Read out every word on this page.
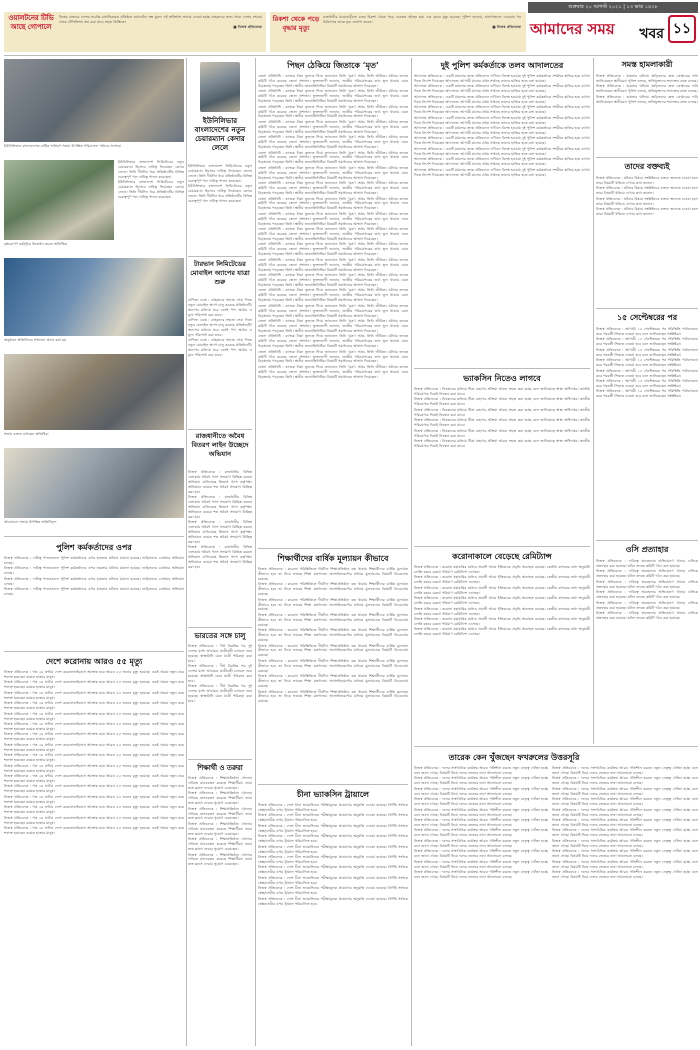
শুক্রবার ২০ আগস্ট ২০২১ | ১৩ ভাদ্র ১৪২৮
আমাদের সময়	খবর ১১
ওয়ালটনের টিভি আছে গোপালে

বিশ্বের বাজারে দেশের সর্বোচ্চ রপ্তানিকারক প্রতিষ্ঠান ওয়ালটন। স্বল্প মূল্যে এই অবিশ্বাস্য অফার দেওয়া হচ্ছে গ্রাহকদের জন্য। সারা দেশের শোরুম থেকে টেলিভিশন ক্রয় করা যাবে সহজ কিস্তিতে।

■ নিজস্ব প্রতিবেদক

রিকশা থেকে পড়ে বৃদ্ধার মৃত্যু

রাজধানীর যাত্রাবাড়ীতে চলন্ত রিকশা থেকে পড়ে গুরুতর আহত হয়ে এক বৃদ্ধার মৃত্যু হয়েছে। পুলিশ জানায়, হাসপাতালে নেওয়ার পর চিকিৎসক তাকে মৃত ঘোষণা করেন।

■ নিজস্ব প্রতিবেদক

ইউনিলিভার বাংলাদেশের বার্ষিক সাধারণ সভায় উপস্থিত পরিচালনা পর্ষদের সদস্যরা

বৃক্ষরোপণ কর্মসূচির উদ্বোধন করেন অতিথিরা

অনুষ্ঠানে অতিথিদের সম্মাননা প্রদান করা হয়

সভায় বক্তব্য রাখছেন অতিথিরা

আলোচনা সভায় উপস্থিত অতিথিবৃন্দ

পুলিশ কর্মকর্তাদের ওপর

নিজস্ব প্রতিবেদক : দায়িত্ব পালনকালে পুলিশ কর্মকর্তাদের ওপর হামলার ঘটনায় মামলা হয়েছে। জড়িতদের গ্রেপ্তারে অভিযান চলছে।

নিজস্ব প্রতিবেদক : দায়িত্ব পালনকালে পুলিশ কর্মকর্তাদের ওপর হামলার ঘটনায় মামলা হয়েছে। জড়িতদের গ্রেপ্তারে অভিযান চলছে।

নিজস্ব প্রতিবেদক : দায়িত্ব পালনকালে পুলিশ কর্মকর্তাদের ওপর হামলার ঘটনায় মামলা হয়েছে। জড়িতদের গ্রেপ্তারে অভিযান চলছে।

নিজস্ব প্রতিবেদক : দায়িত্ব পালনকালে পুলিশ কর্মকর্তাদের ওপর হামলার ঘটনায় মামলা হয়েছে। জড়িতদের গ্রেপ্তারে অভিযান চলছে।

দেশে করোনায় আরও ৫৫ মৃত্যু

নিজস্ব প্রতিবেদক : গত ২৪ ঘণ্টায় দেশে করোনাভাইরাসে আক্রান্ত হয়ে আরও ৫৫ জনের মৃত্যু হয়েছে। একই সময়ে নতুন করে শনাক্ত হয়েছেন কয়েক হাজার মানুষ।

নিজস্ব প্রতিবেদক : গত ২৪ ঘণ্টায় দেশে করোনাভাইরাসে আক্রান্ত হয়ে আরও ৫৫ জনের মৃত্যু হয়েছে। একই সময়ে নতুন করে শনাক্ত হয়েছেন কয়েক হাজার মানুষ।

নিজস্ব প্রতিবেদক : গত ২৪ ঘণ্টায় দেশে করোনাভাইরাসে আক্রান্ত হয়ে আরও ৫৫ জনের মৃত্যু হয়েছে। একই সময়ে নতুন করে শনাক্ত হয়েছেন কয়েক হাজার মানুষ।

নিজস্ব প্রতিবেদক : গত ২৪ ঘণ্টায় দেশে করোনাভাইরাসে আক্রান্ত হয়ে আরও ৫৫ জনের মৃত্যু হয়েছে। একই সময়ে নতুন করে শনাক্ত হয়েছেন কয়েক হাজার মানুষ।

নিজস্ব প্রতিবেদক : গত ২৪ ঘণ্টায় দেশে করোনাভাইরাসে আক্রান্ত হয়ে আরও ৫৫ জনের মৃত্যু হয়েছে। একই সময়ে নতুন করে শনাক্ত হয়েছেন কয়েক হাজার মানুষ।

নিজস্ব প্রতিবেদক : গত ২৪ ঘণ্টায় দেশে করোনাভাইরাসে আক্রান্ত হয়ে আরও ৫৫ জনের মৃত্যু হয়েছে। একই সময়ে নতুন করে শনাক্ত হয়েছেন কয়েক হাজার মানুষ।

নিজস্ব প্রতিবেদক : গত ২৪ ঘণ্টায় দেশে করোনাভাইরাসে আক্রান্ত হয়ে আরও ৫৫ জনের মৃত্যু হয়েছে। একই সময়ে নতুন করে শনাক্ত হয়েছেন কয়েক হাজার মানুষ।

নিজস্ব প্রতিবেদক : গত ২৪ ঘণ্টায় দেশে করোনাভাইরাসে আক্রান্ত হয়ে আরও ৫৫ জনের মৃত্যু হয়েছে। একই সময়ে নতুন করে শনাক্ত হয়েছেন কয়েক হাজার মানুষ।

নিজস্ব প্রতিবেদক : গত ২৪ ঘণ্টায় দেশে করোনাভাইরাসে আক্রান্ত হয়ে আরও ৫৫ জনের মৃত্যু হয়েছে। একই সময়ে নতুন করে শনাক্ত হয়েছেন কয়েক হাজার মানুষ।

নিজস্ব প্রতিবেদক : গত ২৪ ঘণ্টায় দেশে করোনাভাইরাসে আক্রান্ত হয়ে আরও ৫৫ জনের মৃত্যু হয়েছে। একই সময়ে নতুন করে শনাক্ত হয়েছেন কয়েক হাজার মানুষ।

নিজস্ব প্রতিবেদক : গত ২৪ ঘণ্টায় দেশে করোনাভাইরাসে আক্রান্ত হয়ে আরও ৫৫ জনের মৃত্যু হয়েছে। একই সময়ে নতুন করে শনাক্ত হয়েছেন কয়েক হাজার মানুষ।

নিজস্ব প্রতিবেদক : গত ২৪ ঘণ্টায় দেশে করোনাভাইরাসে আক্রান্ত হয়ে আরও ৫৫ জনের মৃত্যু হয়েছে। একই সময়ে নতুন করে শনাক্ত হয়েছেন কয়েক হাজার মানুষ।

নিজস্ব প্রতিবেদক : গত ২৪ ঘণ্টায় দেশে করোনাভাইরাসে আক্রান্ত হয়ে আরও ৫৫ জনের মৃত্যু হয়েছে। একই সময়ে নতুন করে শনাক্ত হয়েছেন কয়েক হাজার মানুষ।

নিজস্ব প্রতিবেদক : গত ২৪ ঘণ্টায় দেশে করোনাভাইরাসে আক্রান্ত হয়ে আরও ৫৫ জনের মৃত্যু হয়েছে। একই সময়ে নতুন করে শনাক্ত হয়েছেন কয়েক হাজার মানুষ।

নিজস্ব প্রতিবেদক : গত ২৪ ঘণ্টায় দেশে করোনাভাইরাসে আক্রান্ত হয়ে আরও ৫৫ জনের মৃত্যু হয়েছে। একই সময়ে নতুন করে শনাক্ত হয়েছেন কয়েক হাজার মানুষ।

নিজস্ব প্রতিবেদক : গত ২৪ ঘণ্টায় দেশে করোনাভাইরাসে আক্রান্ত হয়ে আরও ৫৫ জনের মৃত্যু হয়েছে। একই সময়ে নতুন করে শনাক্ত হয়েছেন কয়েক হাজার মানুষ।

ইউনিলিভার বাংলাদেশের নতুন চেয়ারম্যান কেদার লেলে

ইউনিলিভার বাংলাদেশ লিমিটেডের নতুন চেয়ারম্যান হিসেবে দায়িত্ব নিয়েছেন কেদার লেলে। তিনি দীর্ঘদিন ধরে প্রতিষ্ঠানটির বিভিন্ন গুরুত্বপূর্ণ পদে দায়িত্ব পালন করেছেন।

ইউনিলিভার বাংলাদেশ লিমিটেডের নতুন চেয়ারম্যান হিসেবে দায়িত্ব নিয়েছেন কেদার লেলে। তিনি দীর্ঘদিন ধরে প্রতিষ্ঠানটির বিভিন্ন গুরুত্বপূর্ণ পদে দায়িত্ব পালন করেছেন।

ইউনিলিভার বাংলাদেশ লিমিটেডের নতুন চেয়ারম্যান হিসেবে দায়িত্ব নিয়েছেন কেদার লেলে। তিনি দীর্ঘদিন ধরে প্রতিষ্ঠানটির বিভিন্ন গুরুত্বপূর্ণ পদে দায়িত্ব পালন করেছেন।

ইউনিলিভার বাংলাদেশ লিমিটেডের নতুন চেয়ারম্যান হিসেবে দায়িত্ব নিয়েছেন কেদার লেলে। তিনি দীর্ঘদিন ধরে প্রতিষ্ঠানটির বিভিন্ন গুরুত্বপূর্ণ পদে দায়িত্ব পালন করেছেন।

টারভান লিমিটেডের মোবাইল অ্যাপের যাত্রা শুরু

বাণিজ্য ডেস্ক : গ্রাহকদের সহজে সেবা দিতে নতুন মোবাইল অ্যাপ চালু করেছে প্রতিষ্ঠানটি। অ্যাপের মাধ্যমে ঘরে বসেই পণ্য অর্ডার ও মূল্য পরিশোধ করা যাবে।

বাণিজ্য ডেস্ক : গ্রাহকদের সহজে সেবা দিতে নতুন মোবাইল অ্যাপ চালু করেছে প্রতিষ্ঠানটি। অ্যাপের মাধ্যমে ঘরে বসেই পণ্য অর্ডার ও মূল্য পরিশোধ করা যাবে।

বাণিজ্য ডেস্ক : গ্রাহকদের সহজে সেবা দিতে নতুন মোবাইল অ্যাপ চালু করেছে প্রতিষ্ঠানটি। অ্যাপের মাধ্যমে ঘরে বসেই পণ্য অর্ডার ও মূল্য পরিশোধ করা যাবে।

রাজধানীতে অবৈধ বিতরণ লাইন উচ্ছেদে অভিযান

নিজস্ব প্রতিবেদক : রাজধানীর বিভিন্ন এলাকায় অবৈধ গ্যাস সংযোগ বিচ্ছিন্ন করতে অভিযান চালিয়েছে তিতাস গ্যাস কর্তৃপক্ষ। অভিযানে কয়েক শত অবৈধ সংযোগ বিচ্ছিন্ন করা হয়।

নিজস্ব প্রতিবেদক : রাজধানীর বিভিন্ন এলাকায় অবৈধ গ্যাস সংযোগ বিচ্ছিন্ন করতে অভিযান চালিয়েছে তিতাস গ্যাস কর্তৃপক্ষ। অভিযানে কয়েক শত অবৈধ সংযোগ বিচ্ছিন্ন করা হয়।

নিজস্ব প্রতিবেদক : রাজধানীর বিভিন্ন এলাকায় অবৈধ গ্যাস সংযোগ বিচ্ছিন্ন করতে অভিযান চালিয়েছে তিতাস গ্যাস কর্তৃপক্ষ। অভিযানে কয়েক শত অবৈধ সংযোগ বিচ্ছিন্ন করা হয়।

নিজস্ব প্রতিবেদক : রাজধানীর বিভিন্ন এলাকায় অবৈধ গ্যাস সংযোগ বিচ্ছিন্ন করতে অভিযান চালিয়েছে তিতাস গ্যাস কর্তৃপক্ষ। অভিযানে কয়েক শত অবৈধ সংযোগ বিচ্ছিন্ন করা হয়।

ভারতের সঙ্গে চালু

নিজস্ব প্রতিবেদক : দীর্ঘ বিরতির পর দুই দেশের মধ্যে আবারও যাত্রীবাহী চলাচল শুরু হয়েছে। স্বাস্থ্যবিধি মেনে যাত্রী পরিবহন করা হবে।

নিজস্ব প্রতিবেদক : দীর্ঘ বিরতির পর দুই দেশের মধ্যে আবারও যাত্রীবাহী চলাচল শুরু হয়েছে। স্বাস্থ্যবিধি মেনে যাত্রী পরিবহন করা হবে।

নিজস্ব প্রতিবেদক : দীর্ঘ বিরতির পর দুই দেশের মধ্যে আবারও যাত্রীবাহী চলাচল শুরু হয়েছে। স্বাস্থ্যবিধি মেনে যাত্রী পরিবহন করা হবে।

শিক্ষার্থী ও তরুরা

নিজস্ব প্রতিবেদক : শিক্ষাপ্রতিষ্ঠান খোলার দাবিতে মানববন্ধন করেছে শিক্ষার্থীরা। তারা দ্রুত ক্লাসে ফেরার সুযোগ চেয়েছেন।

নিজস্ব প্রতিবেদক : শিক্ষাপ্রতিষ্ঠান খোলার দাবিতে মানববন্ধন করেছে শিক্ষার্থীরা। তারা দ্রুত ক্লাসে ফেরার সুযোগ চেয়েছেন।

নিজস্ব প্রতিবেদক : শিক্ষাপ্রতিষ্ঠান খোলার দাবিতে মানববন্ধন করেছে শিক্ষার্থীরা। তারা দ্রুত ক্লাসে ফেরার সুযোগ চেয়েছেন।

নিজস্ব প্রতিবেদক : শিক্ষাপ্রতিষ্ঠান খোলার দাবিতে মানববন্ধন করেছে শিক্ষার্থীরা। তারা দ্রুত ক্লাসে ফেরার সুযোগ চেয়েছেন।

নিজস্ব প্রতিবেদক : শিক্ষাপ্রতিষ্ঠান খোলার দাবিতে মানববন্ধন করেছে শিক্ষার্থীরা। তারা দ্রুত ক্লাসে ফেরার সুযোগ চেয়েছেন।

নিজস্ব প্রতিবেদক : শিক্ষাপ্রতিষ্ঠান খোলার দাবিতে মানববন্ধন করেছে শিক্ষার্থীরা। তারা দ্রুত ক্লাসে ফেরার সুযোগ চেয়েছেন।

পিছন ঠেকিয়ে জিতাকে ‘মৃত’

জেলা প্রতিনিধি : ব্যাংকে টাকা তুলতে গিয়ে জানলেন তিনি ‘মৃত’। অথচ তিনি জীবিত। ঘটনার তদন্তে কমিটি গঠন করেছে জেলা প্রশাসন। ভুক্তভোগী জানান, জাতীয় পরিচয়পত্রের তথ্য ভুল থাকায় এমন বিড়ম্বনায় পড়েছেন তিনি। স্থানীয় জনপ্রতিনিধিরা বিষয়টি সমাধানের আশ্বাস দিয়েছেন।

জেলা প্রতিনিধি : ব্যাংকে টাকা তুলতে গিয়ে জানলেন তিনি ‘মৃত’। অথচ তিনি জীবিত। ঘটনার তদন্তে কমিটি গঠন করেছে জেলা প্রশাসন। ভুক্তভোগী জানান, জাতীয় পরিচয়পত্রের তথ্য ভুল থাকায় এমন বিড়ম্বনায় পড়েছেন তিনি। স্থানীয় জনপ্রতিনিধিরা বিষয়টি সমাধানের আশ্বাস দিয়েছেন।

জেলা প্রতিনিধি : ব্যাংকে টাকা তুলতে গিয়ে জানলেন তিনি ‘মৃত’। অথচ তিনি জীবিত। ঘটনার তদন্তে কমিটি গঠন করেছে জেলা প্রশাসন। ভুক্তভোগী জানান, জাতীয় পরিচয়পত্রের তথ্য ভুল থাকায় এমন বিড়ম্বনায় পড়েছেন তিনি। স্থানীয় জনপ্রতিনিধিরা বিষয়টি সমাধানের আশ্বাস দিয়েছেন।

জেলা প্রতিনিধি : ব্যাংকে টাকা তুলতে গিয়ে জানলেন তিনি ‘মৃত’। অথচ তিনি জীবিত। ঘটনার তদন্তে কমিটি গঠন করেছে জেলা প্রশাসন। ভুক্তভোগী জানান, জাতীয় পরিচয়পত্রের তথ্য ভুল থাকায় এমন বিড়ম্বনায় পড়েছেন তিনি। স্থানীয় জনপ্রতিনিধিরা বিষয়টি সমাধানের আশ্বাস দিয়েছেন।

জেলা প্রতিনিধি : ব্যাংকে টাকা তুলতে গিয়ে জানলেন তিনি ‘মৃত’। অথচ তিনি জীবিত। ঘটনার তদন্তে কমিটি গঠন করেছে জেলা প্রশাসন। ভুক্তভোগী জানান, জাতীয় পরিচয়পত্রের তথ্য ভুল থাকায় এমন বিড়ম্বনায় পড়েছেন তিনি। স্থানীয় জনপ্রতিনিধিরা বিষয়টি সমাধানের আশ্বাস দিয়েছেন।

জেলা প্রতিনিধি : ব্যাংকে টাকা তুলতে গিয়ে জানলেন তিনি ‘মৃত’। অথচ তিনি জীবিত। ঘটনার তদন্তে কমিটি গঠন করেছে জেলা প্রশাসন। ভুক্তভোগী জানান, জাতীয় পরিচয়পত্রের তথ্য ভুল থাকায় এমন বিড়ম্বনায় পড়েছেন তিনি। স্থানীয় জনপ্রতিনিধিরা বিষয়টি সমাধানের আশ্বাস দিয়েছেন।

জেলা প্রতিনিধি : ব্যাংকে টাকা তুলতে গিয়ে জানলেন তিনি ‘মৃত’। অথচ তিনি জীবিত। ঘটনার তদন্তে কমিটি গঠন করেছে জেলা প্রশাসন। ভুক্তভোগী জানান, জাতীয় পরিচয়পত্রের তথ্য ভুল থাকায় এমন বিড়ম্বনায় পড়েছেন তিনি। স্থানীয় জনপ্রতিনিধিরা বিষয়টি সমাধানের আশ্বাস দিয়েছেন।

জেলা প্রতিনিধি : ব্যাংকে টাকা তুলতে গিয়ে জানলেন তিনি ‘মৃত’। অথচ তিনি জীবিত। ঘটনার তদন্তে কমিটি গঠন করেছে জেলা প্রশাসন। ভুক্তভোগী জানান, জাতীয় পরিচয়পত্রের তথ্য ভুল থাকায় এমন বিড়ম্বনায় পড়েছেন তিনি। স্থানীয় জনপ্রতিনিধিরা বিষয়টি সমাধানের আশ্বাস দিয়েছেন।

জেলা প্রতিনিধি : ব্যাংকে টাকা তুলতে গিয়ে জানলেন তিনি ‘মৃত’। অথচ তিনি জীবিত। ঘটনার তদন্তে কমিটি গঠন করেছে জেলা প্রশাসন। ভুক্তভোগী জানান, জাতীয় পরিচয়পত্রের তথ্য ভুল থাকায় এমন বিড়ম্বনায় পড়েছেন তিনি। স্থানীয় জনপ্রতিনিধিরা বিষয়টি সমাধানের আশ্বাস দিয়েছেন।

জেলা প্রতিনিধি : ব্যাংকে টাকা তুলতে গিয়ে জানলেন তিনি ‘মৃত’। অথচ তিনি জীবিত। ঘটনার তদন্তে কমিটি গঠন করেছে জেলা প্রশাসন। ভুক্তভোগী জানান, জাতীয় পরিচয়পত্রের তথ্য ভুল থাকায় এমন বিড়ম্বনায় পড়েছেন তিনি। স্থানীয় জনপ্রতিনিধিরা বিষয়টি সমাধানের আশ্বাস দিয়েছেন।

জেলা প্রতিনিধি : ব্যাংকে টাকা তুলতে গিয়ে জানলেন তিনি ‘মৃত’। অথচ তিনি জীবিত। ঘটনার তদন্তে কমিটি গঠন করেছে জেলা প্রশাসন। ভুক্তভোগী জানান, জাতীয় পরিচয়পত্রের তথ্য ভুল থাকায় এমন বিড়ম্বনায় পড়েছেন তিনি। স্থানীয় জনপ্রতিনিধিরা বিষয়টি সমাধানের আশ্বাস দিয়েছেন।

জেলা প্রতিনিধি : ব্যাংকে টাকা তুলতে গিয়ে জানলেন তিনি ‘মৃত’। অথচ তিনি জীবিত। ঘটনার তদন্তে কমিটি গঠন করেছে জেলা প্রশাসন। ভুক্তভোগী জানান, জাতীয় পরিচয়পত্রের তথ্য ভুল থাকায় এমন বিড়ম্বনায় পড়েছেন তিনি। স্থানীয় জনপ্রতিনিধিরা বিষয়টি সমাধানের আশ্বাস দিয়েছেন।

জেলা প্রতিনিধি : ব্যাংকে টাকা তুলতে গিয়ে জানলেন তিনি ‘মৃত’। অথচ তিনি জীবিত। ঘটনার তদন্তে কমিটি গঠন করেছে জেলা প্রশাসন। ভুক্তভোগী জানান, জাতীয় পরিচয়পত্রের তথ্য ভুল থাকায় এমন বিড়ম্বনায় পড়েছেন তিনি। স্থানীয় জনপ্রতিনিধিরা বিষয়টি সমাধানের আশ্বাস দিয়েছেন।

জেলা প্রতিনিধি : ব্যাংকে টাকা তুলতে গিয়ে জানলেন তিনি ‘মৃত’। অথচ তিনি জীবিত। ঘটনার তদন্তে কমিটি গঠন করেছে জেলা প্রশাসন। ভুক্তভোগী জানান, জাতীয় পরিচয়পত্রের তথ্য ভুল থাকায় এমন বিড়ম্বনায় পড়েছেন তিনি। স্থানীয় জনপ্রতিনিধিরা বিষয়টি সমাধানের আশ্বাস দিয়েছেন।

জেলা প্রতিনিধি : ব্যাংকে টাকা তুলতে গিয়ে জানলেন তিনি ‘মৃত’। অথচ তিনি জীবিত। ঘটনার তদন্তে কমিটি গঠন করেছে জেলা প্রশাসন। ভুক্তভোগী জানান, জাতীয় পরিচয়পত্রের তথ্য ভুল থাকায় এমন বিড়ম্বনায় পড়েছেন তিনি। স্থানীয় জনপ্রতিনিধিরা বিষয়টি সমাধানের আশ্বাস দিয়েছেন।

জেলা প্রতিনিধি : ব্যাংকে টাকা তুলতে গিয়ে জানলেন তিনি ‘মৃত’। অথচ তিনি জীবিত। ঘটনার তদন্তে কমিটি গঠন করেছে জেলা প্রশাসন। ভুক্তভোগী জানান, জাতীয় পরিচয়পত্রের তথ্য ভুল থাকায় এমন বিড়ম্বনায় পড়েছেন তিনি। স্থানীয় জনপ্রতিনিধিরা বিষয়টি সমাধানের আশ্বাস দিয়েছেন।

জেলা প্রতিনিধি : ব্যাংকে টাকা তুলতে গিয়ে জানলেন তিনি ‘মৃত’। অথচ তিনি জীবিত। ঘটনার তদন্তে কমিটি গঠন করেছে জেলা প্রশাসন। ভুক্তভোগী জানান, জাতীয় পরিচয়পত্রের তথ্য ভুল থাকায় এমন বিড়ম্বনায় পড়েছেন তিনি। স্থানীয় জনপ্রতিনিধিরা বিষয়টি সমাধানের আশ্বাস দিয়েছেন।

জেলা প্রতিনিধি : ব্যাংকে টাকা তুলতে গিয়ে জানলেন তিনি ‘মৃত’। অথচ তিনি জীবিত। ঘটনার তদন্তে কমিটি গঠন করেছে জেলা প্রশাসন। ভুক্তভোগী জানান, জাতীয় পরিচয়পত্রের তথ্য ভুল থাকায় এমন বিড়ম্বনায় পড়েছেন তিনি। স্থানীয় জনপ্রতিনিধিরা বিষয়টি সমাধানের আশ্বাস দিয়েছেন।

জেলা প্রতিনিধি : ব্যাংকে টাকা তুলতে গিয়ে জানলেন তিনি ‘মৃত’। অথচ তিনি জীবিত। ঘটনার তদন্তে কমিটি গঠন করেছে জেলা প্রশাসন। ভুক্তভোগী জানান, জাতীয় পরিচয়পত্রের তথ্য ভুল থাকায় এমন বিড়ম্বনায় পড়েছেন তিনি। স্থানীয় জনপ্রতিনিধিরা বিষয়টি সমাধানের আশ্বাস দিয়েছেন।

জেলা প্রতিনিধি : ব্যাংকে টাকা তুলতে গিয়ে জানলেন তিনি ‘মৃত’। অথচ তিনি জীবিত। ঘটনার তদন্তে কমিটি গঠন করেছে জেলা প্রশাসন। ভুক্তভোগী জানান, জাতীয় পরিচয়পত্রের তথ্য ভুল থাকায় এমন বিড়ম্বনায় পড়েছেন তিনি। স্থানীয় জনপ্রতিনিধিরা বিষয়টি সমাধানের আশ্বাস দিয়েছেন।

শিক্ষার্থীদের বার্ষিক মূল্যায়ন কীভাবে

নিজস্ব প্রতিবেদক : করোনা পরিস্থিতিতে দীর্ঘদিন শিক্ষাপ্রতিষ্ঠান বন্ধ থাকায় শিক্ষার্থীদের বার্ষিক মূল্যায়ন কীভাবে হবে তা নিয়ে ভাবছে শিক্ষা মন্ত্রণালয়। অ্যাসাইনমেন্টের মাধ্যমে মূল্যায়নের বিষয়টি বিবেচনায় রয়েছে।

নিজস্ব প্রতিবেদক : করোনা পরিস্থিতিতে দীর্ঘদিন শিক্ষাপ্রতিষ্ঠান বন্ধ থাকায় শিক্ষার্থীদের বার্ষিক মূল্যায়ন কীভাবে হবে তা নিয়ে ভাবছে শিক্ষা মন্ত্রণালয়। অ্যাসাইনমেন্টের মাধ্যমে মূল্যায়নের বিষয়টি বিবেচনায় রয়েছে।

নিজস্ব প্রতিবেদক : করোনা পরিস্থিতিতে দীর্ঘদিন শিক্ষাপ্রতিষ্ঠান বন্ধ থাকায় শিক্ষার্থীদের বার্ষিক মূল্যায়ন কীভাবে হবে তা নিয়ে ভাবছে শিক্ষা মন্ত্রণালয়। অ্যাসাইনমেন্টের মাধ্যমে মূল্যায়নের বিষয়টি বিবেচনায় রয়েছে।

নিজস্ব প্রতিবেদক : করোনা পরিস্থিতিতে দীর্ঘদিন শিক্ষাপ্রতিষ্ঠান বন্ধ থাকায় শিক্ষার্থীদের বার্ষিক মূল্যায়ন কীভাবে হবে তা নিয়ে ভাবছে শিক্ষা মন্ত্রণালয়। অ্যাসাইনমেন্টের মাধ্যমে মূল্যায়নের বিষয়টি বিবেচনায় রয়েছে।

নিজস্ব প্রতিবেদক : করোনা পরিস্থিতিতে দীর্ঘদিন শিক্ষাপ্রতিষ্ঠান বন্ধ থাকায় শিক্ষার্থীদের বার্ষিক মূল্যায়ন কীভাবে হবে তা নিয়ে ভাবছে শিক্ষা মন্ত্রণালয়। অ্যাসাইনমেন্টের মাধ্যমে মূল্যায়নের বিষয়টি বিবেচনায় রয়েছে।

নিজস্ব প্রতিবেদক : করোনা পরিস্থিতিতে দীর্ঘদিন শিক্ষাপ্রতিষ্ঠান বন্ধ থাকায় শিক্ষার্থীদের বার্ষিক মূল্যায়ন কীভাবে হবে তা নিয়ে ভাবছে শিক্ষা মন্ত্রণালয়। অ্যাসাইনমেন্টের মাধ্যমে মূল্যায়নের বিষয়টি বিবেচনায় রয়েছে।

নিজস্ব প্রতিবেদক : করোনা পরিস্থিতিতে দীর্ঘদিন শিক্ষাপ্রতিষ্ঠান বন্ধ থাকায় শিক্ষার্থীদের বার্ষিক মূল্যায়ন কীভাবে হবে তা নিয়ে ভাবছে শিক্ষা মন্ত্রণালয়। অ্যাসাইনমেন্টের মাধ্যমে মূল্যায়নের বিষয়টি বিবেচনায় রয়েছে।

নিজস্ব প্রতিবেদক : করোনা পরিস্থিতিতে দীর্ঘদিন শিক্ষাপ্রতিষ্ঠান বন্ধ থাকায় শিক্ষার্থীদের বার্ষিক মূল্যায়ন কীভাবে হবে তা নিয়ে ভাবছে শিক্ষা মন্ত্রণালয়। অ্যাসাইনমেন্টের মাধ্যমে মূল্যায়নের বিষয়টি বিবেচনায় রয়েছে।

নিজস্ব প্রতিবেদক : করোনা পরিস্থিতিতে দীর্ঘদিন শিক্ষাপ্রতিষ্ঠান বন্ধ থাকায় শিক্ষার্থীদের বার্ষিক মূল্যায়ন কীভাবে হবে তা নিয়ে ভাবছে শিক্ষা মন্ত্রণালয়। অ্যাসাইনমেন্টের মাধ্যমে মূল্যায়নের বিষয়টি বিবেচনায় রয়েছে।

চীনা ভ্যাকসিন ট্রায়ালে

নিজস্ব প্রতিবেদক : দেশে চীনা ভ্যাকসিনের পরীক্ষামূলক প্রয়োগের অনুমতি দেওয়া হয়েছে। নির্দিষ্ট সংখ্যক স্বেচ্ছাসেবীর ওপর ট্রায়াল পরিচালিত হবে।

নিজস্ব প্রতিবেদক : দেশে চীনা ভ্যাকসিনের পরীক্ষামূলক প্রয়োগের অনুমতি দেওয়া হয়েছে। নির্দিষ্ট সংখ্যক স্বেচ্ছাসেবীর ওপর ট্রায়াল পরিচালিত হবে।

নিজস্ব প্রতিবেদক : দেশে চীনা ভ্যাকসিনের পরীক্ষামূলক প্রয়োগের অনুমতি দেওয়া হয়েছে। নির্দিষ্ট সংখ্যক স্বেচ্ছাসেবীর ওপর ট্রায়াল পরিচালিত হবে।

নিজস্ব প্রতিবেদক : দেশে চীনা ভ্যাকসিনের পরীক্ষামূলক প্রয়োগের অনুমতি দেওয়া হয়েছে। নির্দিষ্ট সংখ্যক স্বেচ্ছাসেবীর ওপর ট্রায়াল পরিচালিত হবে।

নিজস্ব প্রতিবেদক : দেশে চীনা ভ্যাকসিনের পরীক্ষামূলক প্রয়োগের অনুমতি দেওয়া হয়েছে। নির্দিষ্ট সংখ্যক স্বেচ্ছাসেবীর ওপর ট্রায়াল পরিচালিত হবে।

নিজস্ব প্রতিবেদক : দেশে চীনা ভ্যাকসিনের পরীক্ষামূলক প্রয়োগের অনুমতি দেওয়া হয়েছে। নির্দিষ্ট সংখ্যক স্বেচ্ছাসেবীর ওপর ট্রায়াল পরিচালিত হবে।

নিজস্ব প্রতিবেদক : দেশে চীনা ভ্যাকসিনের পরীক্ষামূলক প্রয়োগের অনুমতি দেওয়া হয়েছে। নির্দিষ্ট সংখ্যক স্বেচ্ছাসেবীর ওপর ট্রায়াল পরিচালিত হবে।

নিজস্ব প্রতিবেদক : দেশে চীনা ভ্যাকসিনের পরীক্ষামূলক প্রয়োগের অনুমতি দেওয়া হয়েছে। নির্দিষ্ট সংখ্যক স্বেচ্ছাসেবীর ওপর ট্রায়াল পরিচালিত হবে।

নিজস্ব প্রতিবেদক : দেশে চীনা ভ্যাকসিনের পরীক্ষামূলক প্রয়োগের অনুমতি দেওয়া হয়েছে। নির্দিষ্ট সংখ্যক স্বেচ্ছাসেবীর ওপর ট্রায়াল পরিচালিত হবে।

নিজস্ব প্রতিবেদক : দেশে চীনা ভ্যাকসিনের পরীক্ষামূলক প্রয়োগের অনুমতি দেওয়া হয়েছে। নির্দিষ্ট সংখ্যক স্বেচ্ছাসেবীর ওপর ট্রায়াল পরিচালিত হবে।

দুই পুলিশ কর্মকর্তাকে তলব আদালতের

আদালত প্রতিবেদক : একটি মামলার তদন্ত প্রতিবেদন দাখিলে বিলম্ব হওয়ায় দুই পুলিশ কর্মকর্তাকে সশরীরে হাজির হয়ে ব্যাখ্যা দিতে নির্দেশ দিয়েছেন আদালত। আগামী মাসের প্রথম সপ্তাহে তাদের হাজির হতে বলা হয়েছে।

আদালত প্রতিবেদক : একটি মামলার তদন্ত প্রতিবেদন দাখিলে বিলম্ব হওয়ায় দুই পুলিশ কর্মকর্তাকে সশরীরে হাজির হয়ে ব্যাখ্যা দিতে নির্দেশ দিয়েছেন আদালত। আগামী মাসের প্রথম সপ্তাহে তাদের হাজির হতে বলা হয়েছে।

আদালত প্রতিবেদক : একটি মামলার তদন্ত প্রতিবেদন দাখিলে বিলম্ব হওয়ায় দুই পুলিশ কর্মকর্তাকে সশরীরে হাজির হয়ে ব্যাখ্যা দিতে নির্দেশ দিয়েছেন আদালত। আগামী মাসের প্রথম সপ্তাহে তাদের হাজির হতে বলা হয়েছে।

আদালত প্রতিবেদক : একটি মামলার তদন্ত প্রতিবেদন দাখিলে বিলম্ব হওয়ায় দুই পুলিশ কর্মকর্তাকে সশরীরে হাজির হয়ে ব্যাখ্যা দিতে নির্দেশ দিয়েছেন আদালত। আগামী মাসের প্রথম সপ্তাহে তাদের হাজির হতে বলা হয়েছে।

আদালত প্রতিবেদক : একটি মামলার তদন্ত প্রতিবেদন দাখিলে বিলম্ব হওয়ায় দুই পুলিশ কর্মকর্তাকে সশরীরে হাজির হয়ে ব্যাখ্যা দিতে নির্দেশ দিয়েছেন আদালত। আগামী মাসের প্রথম সপ্তাহে তাদের হাজির হতে বলা হয়েছে।

আদালত প্রতিবেদক : একটি মামলার তদন্ত প্রতিবেদন দাখিলে বিলম্ব হওয়ায় দুই পুলিশ কর্মকর্তাকে সশরীরে হাজির হয়ে ব্যাখ্যা দিতে নির্দেশ দিয়েছেন আদালত। আগামী মাসের প্রথম সপ্তাহে তাদের হাজির হতে বলা হয়েছে।

আদালত প্রতিবেদক : একটি মামলার তদন্ত প্রতিবেদন দাখিলে বিলম্ব হওয়ায় দুই পুলিশ কর্মকর্তাকে সশরীরে হাজির হয়ে ব্যাখ্যা দিতে নির্দেশ দিয়েছেন আদালত। আগামী মাসের প্রথম সপ্তাহে তাদের হাজির হতে বলা হয়েছে।

আদালত প্রতিবেদক : একটি মামলার তদন্ত প্রতিবেদন দাখিলে বিলম্ব হওয়ায় দুই পুলিশ কর্মকর্তাকে সশরীরে হাজির হয়ে ব্যাখ্যা দিতে নির্দেশ দিয়েছেন আদালত। আগামী মাসের প্রথম সপ্তাহে তাদের হাজির হতে বলা হয়েছে।

আদালত প্রতিবেদক : একটি মামলার তদন্ত প্রতিবেদন দাখিলে বিলম্ব হওয়ায় দুই পুলিশ কর্মকর্তাকে সশরীরে হাজির হয়ে ব্যাখ্যা দিতে নির্দেশ দিয়েছেন আদালত। আগামী মাসের প্রথম সপ্তাহে তাদের হাজির হতে বলা হয়েছে।

আদালত প্রতিবেদক : একটি মামলার তদন্ত প্রতিবেদন দাখিলে বিলম্ব হওয়ায় দুই পুলিশ কর্মকর্তাকে সশরীরে হাজির হয়ে ব্যাখ্যা দিতে নির্দেশ দিয়েছেন আদালত। আগামী মাসের প্রথম সপ্তাহে তাদের হাজির হতে বলা হয়েছে।

ভ্যাকসিন নিতেও লাগবে

নিজস্ব প্রতিবেদক : নিবন্ধনের মাধ্যমে টিকা গ্রহণের প্রক্রিয়া আরও সহজ করা হচ্ছে বলে জানিয়েছে স্বাস্থ্য অধিদপ্তর। জাতীয় পরিচয়পত্র দিয়েই নিবন্ধন করা যাবে।

নিজস্ব প্রতিবেদক : নিবন্ধনের মাধ্যমে টিকা গ্রহণের প্রক্রিয়া আরও সহজ করা হচ্ছে বলে জানিয়েছে স্বাস্থ্য অধিদপ্তর। জাতীয় পরিচয়পত্র দিয়েই নিবন্ধন করা যাবে।

নিজস্ব প্রতিবেদক : নিবন্ধনের মাধ্যমে টিকা গ্রহণের প্রক্রিয়া আরও সহজ করা হচ্ছে বলে জানিয়েছে স্বাস্থ্য অধিদপ্তর। জাতীয় পরিচয়পত্র দিয়েই নিবন্ধন করা যাবে।

নিজস্ব প্রতিবেদক : নিবন্ধনের মাধ্যমে টিকা গ্রহণের প্রক্রিয়া আরও সহজ করা হচ্ছে বলে জানিয়েছে স্বাস্থ্য অধিদপ্তর। জাতীয় পরিচয়পত্র দিয়েই নিবন্ধন করা যাবে।

নিজস্ব প্রতিবেদক : নিবন্ধনের মাধ্যমে টিকা গ্রহণের প্রক্রিয়া আরও সহজ করা হচ্ছে বলে জানিয়েছে স্বাস্থ্য অধিদপ্তর। জাতীয় পরিচয়পত্র দিয়েই নিবন্ধন করা যাবে।

নিজস্ব প্রতিবেদক : নিবন্ধনের মাধ্যমে টিকা গ্রহণের প্রক্রিয়া আরও সহজ করা হচ্ছে বলে জানিয়েছে স্বাস্থ্য অধিদপ্তর। জাতীয় পরিচয়পত্র দিয়েই নিবন্ধন করা যাবে।

করোনাকালে বেড়েছে রেমিট্যান্স

নিজস্ব প্রতিবেদক : করোনা মহামারির মধ্যেও প্রবাসী আয়ে ইতিবাচক প্রবৃদ্ধি অব্যাহত রয়েছে। কেন্দ্রীয় ব্যাংকের তথ্য অনুযায়ী চলতি বছরে রেকর্ড পরিমাণ রেমিট্যান্স এসেছে।

নিজস্ব প্রতিবেদক : করোনা মহামারির মধ্যেও প্রবাসী আয়ে ইতিবাচক প্রবৃদ্ধি অব্যাহত রয়েছে। কেন্দ্রীয় ব্যাংকের তথ্য অনুযায়ী চলতি বছরে রেকর্ড পরিমাণ রেমিট্যান্স এসেছে।

নিজস্ব প্রতিবেদক : করোনা মহামারির মধ্যেও প্রবাসী আয়ে ইতিবাচক প্রবৃদ্ধি অব্যাহত রয়েছে। কেন্দ্রীয় ব্যাংকের তথ্য অনুযায়ী চলতি বছরে রেকর্ড পরিমাণ রেমিট্যান্স এসেছে।

নিজস্ব প্রতিবেদক : করোনা মহামারির মধ্যেও প্রবাসী আয়ে ইতিবাচক প্রবৃদ্ধি অব্যাহত রয়েছে। কেন্দ্রীয় ব্যাংকের তথ্য অনুযায়ী চলতি বছরে রেকর্ড পরিমাণ রেমিট্যান্স এসেছে।

নিজস্ব প্রতিবেদক : করোনা মহামারির মধ্যেও প্রবাসী আয়ে ইতিবাচক প্রবৃদ্ধি অব্যাহত রয়েছে। কেন্দ্রীয় ব্যাংকের তথ্য অনুযায়ী চলতি বছরে রেকর্ড পরিমাণ রেমিট্যান্স এসেছে।

নিজস্ব প্রতিবেদক : করোনা মহামারির মধ্যেও প্রবাসী আয়ে ইতিবাচক প্রবৃদ্ধি অব্যাহত রয়েছে। কেন্দ্রীয় ব্যাংকের তথ্য অনুযায়ী চলতি বছরে রেকর্ড পরিমাণ রেমিট্যান্স এসেছে।

নিজস্ব প্রতিবেদক : করোনা মহামারির মধ্যেও প্রবাসী আয়ে ইতিবাচক প্রবৃদ্ধি অব্যাহত রয়েছে। কেন্দ্রীয় ব্যাংকের তথ্য অনুযায়ী চলতি বছরে রেকর্ড পরিমাণ রেমিট্যান্স এসেছে।

তারেক কেন খুঁজছেন ফখরুলের উত্তরসূরি

নিজস্ব প্রতিবেদক : দলের সাংগঠনিক কার্যক্রম আরও গতিশীল করতে নতুন নেতৃত্ব খোঁজা হচ্ছে বলে জানা গেছে। বিষয়টি নিয়ে দলের ভেতরে নানা আলোচনা চলছে।

নিজস্ব প্রতিবেদক : দলের সাংগঠনিক কার্যক্রম আরও গতিশীল করতে নতুন নেতৃত্ব খোঁজা হচ্ছে বলে জানা গেছে। বিষয়টি নিয়ে দলের ভেতরে নানা আলোচনা চলছে।

নিজস্ব প্রতিবেদক : দলের সাংগঠনিক কার্যক্রম আরও গতিশীল করতে নতুন নেতৃত্ব খোঁজা হচ্ছে বলে জানা গেছে। বিষয়টি নিয়ে দলের ভেতরে নানা আলোচনা চলছে।

নিজস্ব প্রতিবেদক : দলের সাংগঠনিক কার্যক্রম আরও গতিশীল করতে নতুন নেতৃত্ব খোঁজা হচ্ছে বলে জানা গেছে। বিষয়টি নিয়ে দলের ভেতরে নানা আলোচনা চলছে।

নিজস্ব প্রতিবেদক : দলের সাংগঠনিক কার্যক্রম আরও গতিশীল করতে নতুন নেতৃত্ব খোঁজা হচ্ছে বলে জানা গেছে। বিষয়টি নিয়ে দলের ভেতরে নানা আলোচনা চলছে।

নিজস্ব প্রতিবেদক : দলের সাংগঠনিক কার্যক্রম আরও গতিশীল করতে নতুন নেতৃত্ব খোঁজা হচ্ছে বলে জানা গেছে। বিষয়টি নিয়ে দলের ভেতরে নানা আলোচনা চলছে।

নিজস্ব প্রতিবেদক : দলের সাংগঠনিক কার্যক্রম আরও গতিশীল করতে নতুন নেতৃত্ব খোঁজা হচ্ছে বলে জানা গেছে। বিষয়টি নিয়ে দলের ভেতরে নানা আলোচনা চলছে।

নিজস্ব প্রতিবেদক : দলের সাংগঠনিক কার্যক্রম আরও গতিশীল করতে নতুন নেতৃত্ব খোঁজা হচ্ছে বলে জানা গেছে। বিষয়টি নিয়ে দলের ভেতরে নানা আলোচনা চলছে।

নিজস্ব প্রতিবেদক : দলের সাংগঠনিক কার্যক্রম আরও গতিশীল করতে নতুন নেতৃত্ব খোঁজা হচ্ছে বলে জানা গেছে। বিষয়টি নিয়ে দলের ভেতরে নানা আলোচনা চলছে।

নিজস্ব প্রতিবেদক : দলের সাংগঠনিক কার্যক্রম আরও গতিশীল করতে নতুন নেতৃত্ব খোঁজা হচ্ছে বলে জানা গেছে। বিষয়টি নিয়ে দলের ভেতরে নানা আলোচনা চলছে।

নিজস্ব প্রতিবেদক : দলের সাংগঠনিক কার্যক্রম আরও গতিশীল করতে নতুন নেতৃত্ব খোঁজা হচ্ছে বলে জানা গেছে। বিষয়টি নিয়ে দলের ভেতরে নানা আলোচনা চলছে।

নিজস্ব প্রতিবেদক : দলের সাংগঠনিক কার্যক্রম আরও গতিশীল করতে নতুন নেতৃত্ব খোঁজা হচ্ছে বলে জানা গেছে। বিষয়টি নিয়ে দলের ভেতরে নানা আলোচনা চলছে।

নিজস্ব প্রতিবেদক : দলের সাংগঠনিক কার্যক্রম আরও গতিশীল করতে নতুন নেতৃত্ব খোঁজা হচ্ছে বলে জানা গেছে। বিষয়টি নিয়ে দলের ভেতরে নানা আলোচনা চলছে।

নিজস্ব প্রতিবেদক : দলের সাংগঠনিক কার্যক্রম আরও গতিশীল করতে নতুন নেতৃত্ব খোঁজা হচ্ছে বলে জানা গেছে। বিষয়টি নিয়ে দলের ভেতরে নানা আলোচনা চলছে।

নিজস্ব প্রতিবেদক : দলের সাংগঠনিক কার্যক্রম আরও গতিশীল করতে নতুন নেতৃত্ব খোঁজা হচ্ছে বলে জানা গেছে। বিষয়টি নিয়ে দলের ভেতরে নানা আলোচনা চলছে।

নিজস্ব প্রতিবেদক : দলের সাংগঠনিক কার্যক্রম আরও গতিশীল করতে নতুন নেতৃত্ব খোঁজা হচ্ছে বলে জানা গেছে। বিষয়টি নিয়ে দলের ভেতরে নানা আলোচনা চলছে।

নিজস্ব প্রতিবেদক : দলের সাংগঠনিক কার্যক্রম আরও গতিশীল করতে নতুন নেতৃত্ব খোঁজা হচ্ছে বলে জানা গেছে। বিষয়টি নিয়ে দলের ভেতরে নানা আলোচনা চলছে।

নিজস্ব প্রতিবেদক : দলের সাংগঠনিক কার্যক্রম আরও গতিশীল করতে নতুন নেতৃত্ব খোঁজা হচ্ছে বলে জানা গেছে। বিষয়টি নিয়ে দলের ভেতরে নানা আলোচনা চলছে।

নিজস্ব প্রতিবেদক : দলের সাংগঠনিক কার্যক্রম আরও গতিশীল করতে নতুন নেতৃত্ব খোঁজা হচ্ছে বলে জানা গেছে। বিষয়টি নিয়ে দলের ভেতরে নানা আলোচনা চলছে।

নিজস্ব প্রতিবেদক : দলের সাংগঠনিক কার্যক্রম আরও গতিশীল করতে নতুন নেতৃত্ব খোঁজা হচ্ছে বলে জানা গেছে। বিষয়টি নিয়ে দলের ভেতরে নানা আলোচনা চলছে।

নিজস্ব প্রতিবেদক : দলের সাংগঠনিক কার্যক্রম আরও গতিশীল করতে নতুন নেতৃত্ব খোঁজা হচ্ছে বলে জানা গেছে। বিষয়টি নিয়ে দলের ভেতরে নানা আলোচনা চলছে।

নিজস্ব প্রতিবেদক : দলের সাংগঠনিক কার্যক্রম আরও গতিশীল করতে নতুন নেতৃত্ব খোঁজা হচ্ছে বলে জানা গেছে। বিষয়টি নিয়ে দলের ভেতরে নানা আলোচনা চলছে।

সমস্ত হামলাকারী

নিজস্ব প্রতিবেদক : হামলার ঘটনায় জড়িতদের দ্রুত গ্রেপ্তারের দাবি জানিয়েছেন স্থানীয়রা। পুলিশ বলছে, অভিযুক্তদের শনাক্তের কাজ চলছে।

নিজস্ব প্রতিবেদক : হামলার ঘটনায় জড়িতদের দ্রুত গ্রেপ্তারের দাবি জানিয়েছেন স্থানীয়রা। পুলিশ বলছে, অভিযুক্তদের শনাক্তের কাজ চলছে।

নিজস্ব প্রতিবেদক : হামলার ঘটনায় জড়িতদের দ্রুত গ্রেপ্তারের দাবি জানিয়েছেন স্থানীয়রা। পুলিশ বলছে, অভিযুক্তদের শনাক্তের কাজ চলছে।

তাদের বক্তব্যই

নিজস্ব প্রতিবেদক : ঘটনার বিষয়ে সংশ্লিষ্টদের বক্তব্য জানতে চাওয়া হলে তারা বিষয়টি খতিয়ে দেখার কথা জানান।

নিজস্ব প্রতিবেদক : ঘটনার বিষয়ে সংশ্লিষ্টদের বক্তব্য জানতে চাওয়া হলে তারা বিষয়টি খতিয়ে দেখার কথা জানান।

নিজস্ব প্রতিবেদক : ঘটনার বিষয়ে সংশ্লিষ্টদের বক্তব্য জানতে চাওয়া হলে তারা বিষয়টি খতিয়ে দেখার কথা জানান।

নিজস্ব প্রতিবেদক : ঘটনার বিষয়ে সংশ্লিষ্টদের বক্তব্য জানতে চাওয়া হলে তারা বিষয়টি খতিয়ে দেখার কথা জানান।

১৫ সেপ্টেম্বরের পর

নিজস্ব প্রতিবেদক : আগামী ১৫ সেপ্টেম্বরের পর পরিস্থিতি পর্যালোচনা করে পরবর্তী সিদ্ধান্ত নেওয়া হবে বলে জানিয়েছেন সংশ্লিষ্টরা।

নিজস্ব প্রতিবেদক : আগামী ১৫ সেপ্টেম্বরের পর পরিস্থিতি পর্যালোচনা করে পরবর্তী সিদ্ধান্ত নেওয়া হবে বলে জানিয়েছেন সংশ্লিষ্টরা।

নিজস্ব প্রতিবেদক : আগামী ১৫ সেপ্টেম্বরের পর পরিস্থিতি পর্যালোচনা করে পরবর্তী সিদ্ধান্ত নেওয়া হবে বলে জানিয়েছেন সংশ্লিষ্টরা।

নিজস্ব প্রতিবেদক : আগামী ১৫ সেপ্টেম্বরের পর পরিস্থিতি পর্যালোচনা করে পরবর্তী সিদ্ধান্ত নেওয়া হবে বলে জানিয়েছেন সংশ্লিষ্টরা।

নিজস্ব প্রতিবেদক : আগামী ১৫ সেপ্টেম্বরের পর পরিস্থিতি পর্যালোচনা করে পরবর্তী সিদ্ধান্ত নেওয়া হবে বলে জানিয়েছেন সংশ্লিষ্টরা।

নিজস্ব প্রতিবেদক : আগামী ১৫ সেপ্টেম্বরের পর পরিস্থিতি পর্যালোচনা করে পরবর্তী সিদ্ধান্ত নেওয়া হবে বলে জানিয়েছেন সংশ্লিষ্টরা।

নিজস্ব প্রতিবেদক : আগামী ১৫ সেপ্টেম্বরের পর পরিস্থিতি পর্যালোচনা করে পরবর্তী সিদ্ধান্ত নেওয়া হবে বলে জানিয়েছেন সংশ্লিষ্টরা।

ওসি প্রত্যাহার

নিজস্ব প্রতিবেদক : দায়িত্বে অবহেলার অভিযোগে থানার ওসিকে প্রত্যাহার করা হয়েছে। ঘটনা তদন্তে কমিটি গঠন করা হয়েছে।

নিজস্ব প্রতিবেদক : দায়িত্বে অবহেলার অভিযোগে থানার ওসিকে প্রত্যাহার করা হয়েছে। ঘটনা তদন্তে কমিটি গঠন করা হয়েছে।

নিজস্ব প্রতিবেদক : দায়িত্বে অবহেলার অভিযোগে থানার ওসিকে প্রত্যাহার করা হয়েছে। ঘটনা তদন্তে কমিটি গঠন করা হয়েছে।

নিজস্ব প্রতিবেদক : দায়িত্বে অবহেলার অভিযোগে থানার ওসিকে প্রত্যাহার করা হয়েছে। ঘটনা তদন্তে কমিটি গঠন করা হয়েছে।

নিজস্ব প্রতিবেদক : দায়িত্বে অবহেলার অভিযোগে থানার ওসিকে প্রত্যাহার করা হয়েছে। ঘটনা তদন্তে কমিটি গঠন করা হয়েছে।

নিজস্ব প্রতিবেদক : দায়িত্বে অবহেলার অভিযোগে থানার ওসিকে প্রত্যাহার করা হয়েছে। ঘটনা তদন্তে কমিটি গঠন করা হয়েছে।
